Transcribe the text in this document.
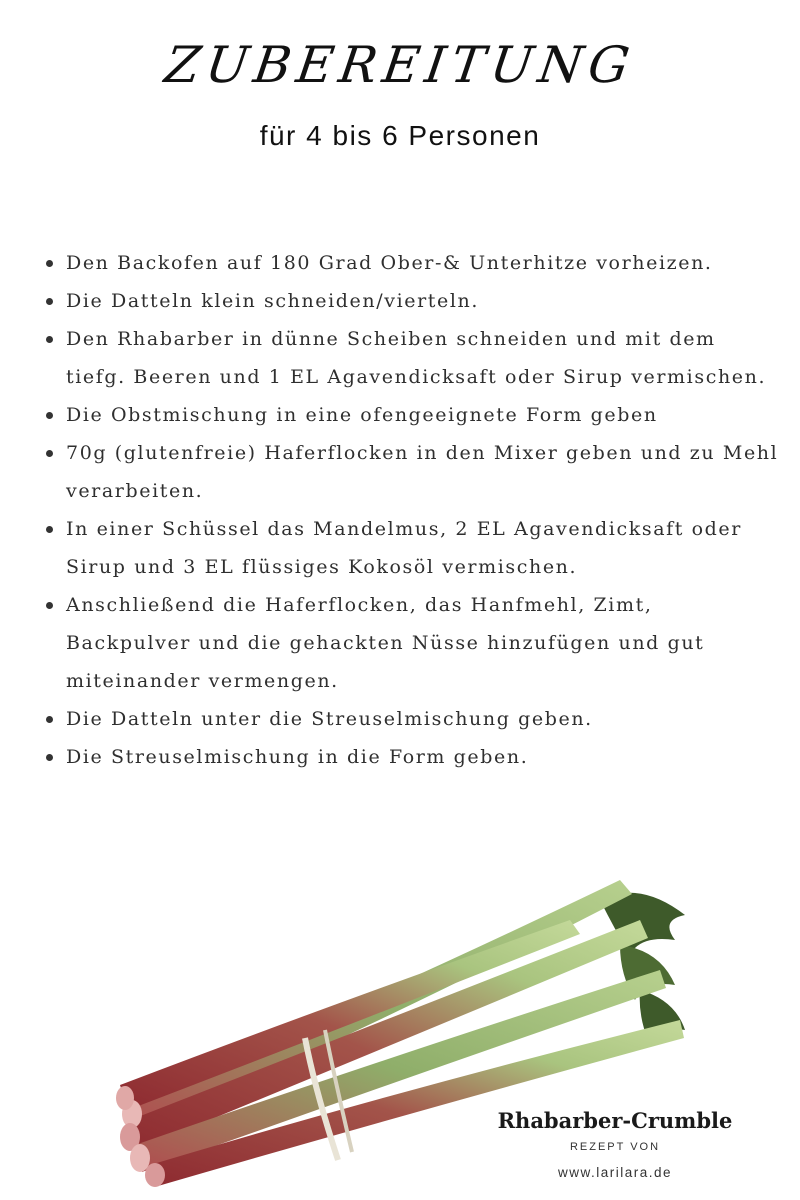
ZUBEREITUNG
für 4 bis 6 Personen
Den Backofen auf 180 Grad Ober-& Unterhitze vorheizen.
Die Datteln klein schneiden/vierteln.
Den Rhabarber in dünne Scheiben schneiden und mit dem tiefg. Beeren und 1 EL Agavendicksaft oder Sirup vermischen.
Die Obstmischung in eine ofengeeignete Form geben
70g (glutenfreie) Haferflocken in den Mixer geben und zu Mehl verarbeiten.
In einer Schüssel das Mandelmus, 2 EL Agavendicksaft oder Sirup und 3 EL flüssiges Kokosöl vermischen.
Anschließend die Haferflocken, das Hanfmehl, Zimt, Backpulver und die gehackten Nüsse hinzufügen und gut miteinander vermengen.
Die Datteln unter die Streuselmischung geben.
Die Streuselmischung in die Form geben.
Rhabarber-Crumble
REZEPT VON
www.larilara.de
